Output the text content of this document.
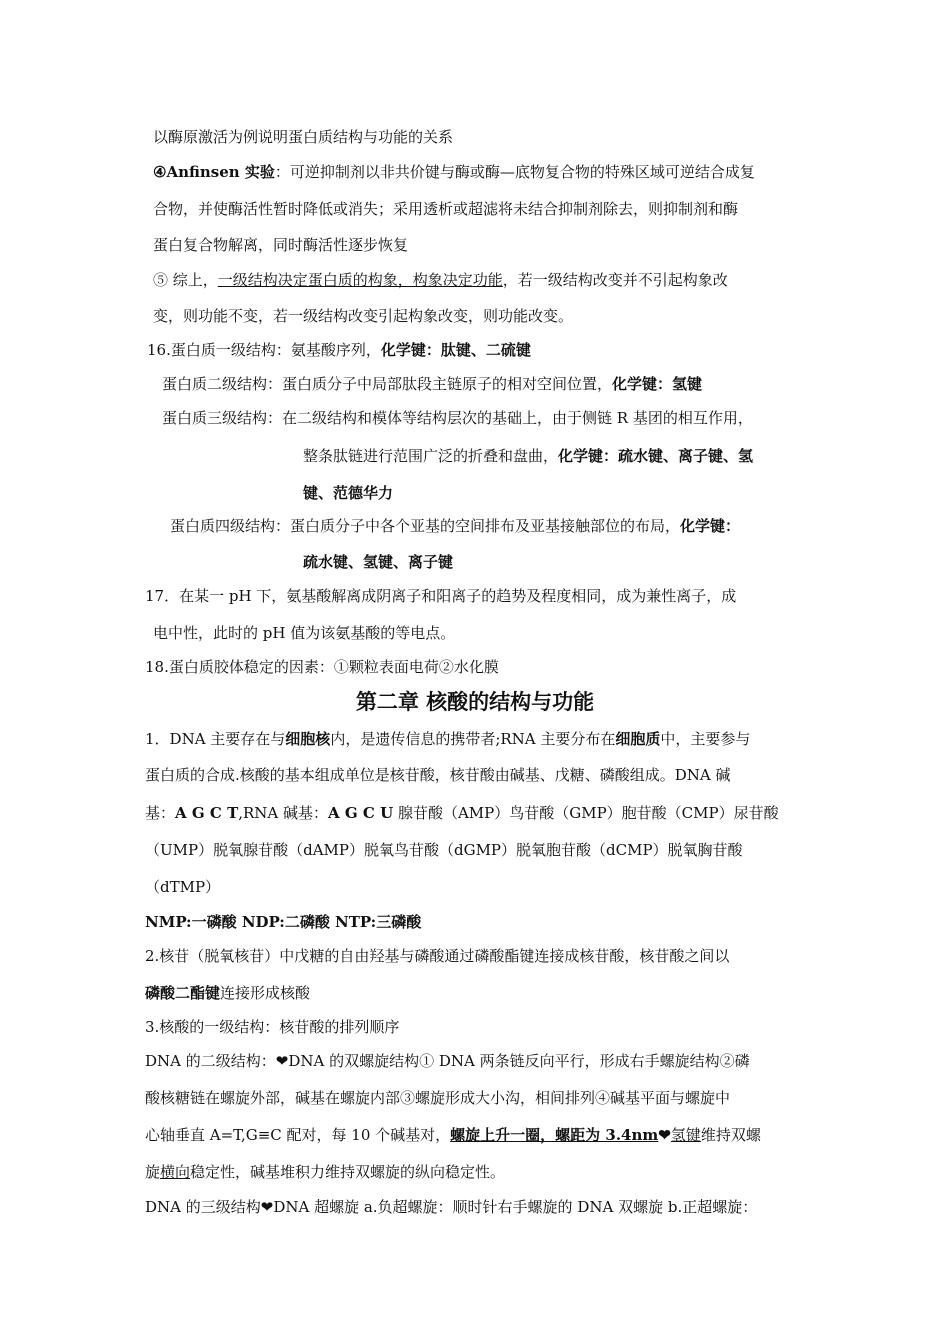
以酶原激活为例说明蛋白质结构与功能的关系
④Anfinsen 实验：可逆抑制剂以非共价键与酶或酶—底物复合物的特殊区域可逆结合成复
合物，并使酶活性暂时降低或消失；采用透析或超滤将未结合抑制剂除去，则抑制剂和酶
蛋白复合物解离，同时酶活性逐步恢复
⑤ 综上，一级结构决定蛋白质的构象，构象决定功能，若一级结构改变并不引起构象改
变，则功能不变，若一级结构改变引起构象改变，则功能改变。
16.蛋白质一级结构：氨基酸序列，化学键：肽键、二硫键
蛋白质二级结构：蛋白质分子中局部肽段主链原子的相对空间位置，化学键：氢键
蛋白质三级结构：在二级结构和模体等结构层次的基础上，由于侧链 R 基团的相互作用，
整条肽链进行范围广泛的折叠和盘曲，化学键：疏水键、离子键、氢
键、范德华力
蛋白质四级结构：蛋白质分子中各个亚基的空间排布及亚基接触部位的布局，化学键：
疏水键、氢键、离子键
17．在某一 pH 下，氨基酸解离成阴离子和阳离子的趋势及程度相同，成为兼性离子，成
电中性，此时的 pH 值为该氨基酸的等电点。
18.蛋白质胶体稳定的因素：①颗粒表面电荷②水化膜
第二章 核酸的结构与功能
1．DNA 主要存在与细胞核内，是遗传信息的携带者;RNA 主要分布在细胞质中，主要参与
蛋白质的合成.核酸的基本组成单位是核苷酸，核苷酸由碱基、戊糖、磷酸组成。DNA 碱
基：A G C T,RNA 碱基：A G C U 腺苷酸（AMP）鸟苷酸（GMP）胞苷酸（CMP）尿苷酸
（UMP）脱氧腺苷酸（dAMP）脱氧鸟苷酸（dGMP）脱氧胞苷酸（dCMP）脱氧胸苷酸
（dTMP）
NMP:一磷酸 NDP:二磷酸 NTP:三磷酸
2.核苷（脱氧核苷）中戊糖的自由羟基与磷酸通过磷酸酯键连接成核苷酸，核苷酸之间以
磷酸二酯键连接形成核酸
3.核酸的一级结构：核苷酸的排列顺序
DNA 的二级结构：❤DNA 的双螺旋结构① DNA 两条链反向平行，形成右手螺旋结构②磷
酸核糖链在螺旋外部，碱基在螺旋内部③螺旋形成大小沟，相间排列④碱基平面与螺旋中
心轴垂直 A=T,G≡C 配对，每 10 个碱基对，螺旋上升一圈，螺距为 3.4nm❤氢键维持双螺
旋横向稳定性，碱基堆积力维持双螺旋的纵向稳定性。
DNA 的三级结构❤DNA 超螺旋 a.负超螺旋：顺时针右手螺旋的 DNA 双螺旋 b.正超螺旋：
